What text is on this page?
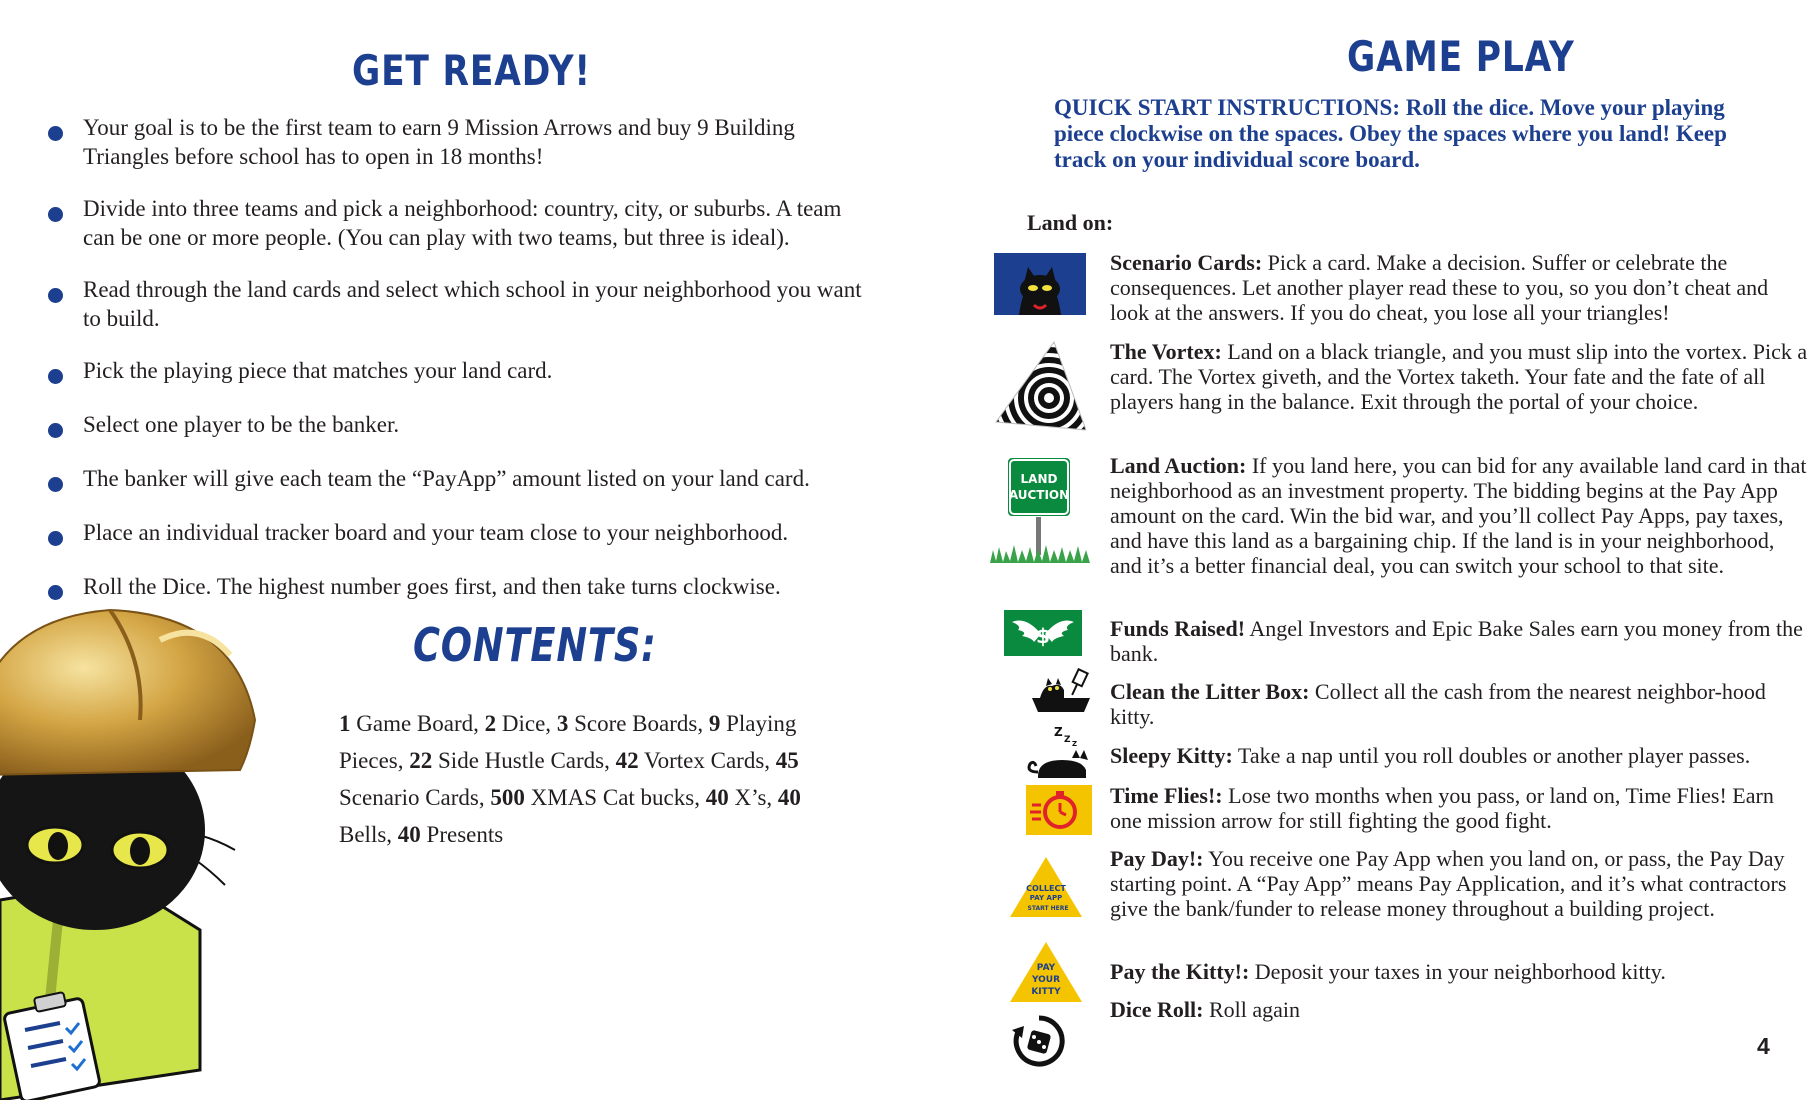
GET READY!
Your goal is to be the first team to earn 9 Mission Arrows and buy 9 Building Triangles before school has to open in 18 months!
Divide into three teams and pick a neighborhood: country, city, or suburbs. A team can be one or more people. (You can play with two teams, but three is ideal).
Read through the land cards and select which school in your neighborhood you want to build.
Pick the playing piece that matches your land card.
Select one player to be the banker.
The banker will give each team the “PayApp” amount listed on your land card.
Place an individual tracker board and your team close to your neighborhood.
Roll the Dice. The highest number goes first, and then take turns clockwise.
CONTENTS:
1 Game Board, 2 Dice, 3 Score Boards, 9 Playing Pieces, 22 Side Hustle Cards, 42 Vortex Cards, 45 Scenario Cards, 500 XMAS Cat bucks, 40 X’s, 40 Bells, 40 Presents
GAME PLAY
QUICK START INSTRUCTIONS: Roll the dice. Move your playing piece clockwise on the spaces. Obey the spaces where you land! Keep track on your individual score board.
Land on:
LAND
AUCTION
$
Z
Z Z
COLLECT
PAY APP
START HERE
PAY
YOUR
KITTY
Scenario Cards: Pick a card. Make a decision. Suffer or celebrate the consequences. Let another player read these to you, so you don’t cheat and look at the answers. If you do cheat, you lose all your triangles!
The Vortex: Land on a black triangle, and you must slip into the vortex. Pick a card. The Vortex giveth, and the Vortex taketh. Your fate and the fate of all players hang in the balance. Exit through the portal of your choice.
Land Auction: If you land here, you can bid for any available land card in that neighborhood as an investment property. The bidding begins at the Pay App amount on the card. Win the bid war, and you’ll collect Pay Apps, pay taxes, and have this land as a bargaining chip. If the land is in your neighborhood, and it’s a better financial deal, you can switch your school to that site.
Funds Raised! Angel Investors and Epic Bake Sales earn you money from the bank.
Clean the Litter Box: Collect all the cash from the nearest neighbor-hood kitty.
Sleepy Kitty: Take a nap until you roll doubles or another player passes.
Time Flies!: Lose two months when you pass, or land on, Time Flies! Earn one mission arrow for still fighting the good fight.
Pay Day!: You receive one Pay App when you land on, or pass, the Pay Day starting point. A “Pay App” means Pay Application, and it’s what contractors give the bank/funder to release money throughout a building project.
Pay the Kitty!: Deposit your taxes in your neighborhood kitty.
Dice Roll: Roll again
4
